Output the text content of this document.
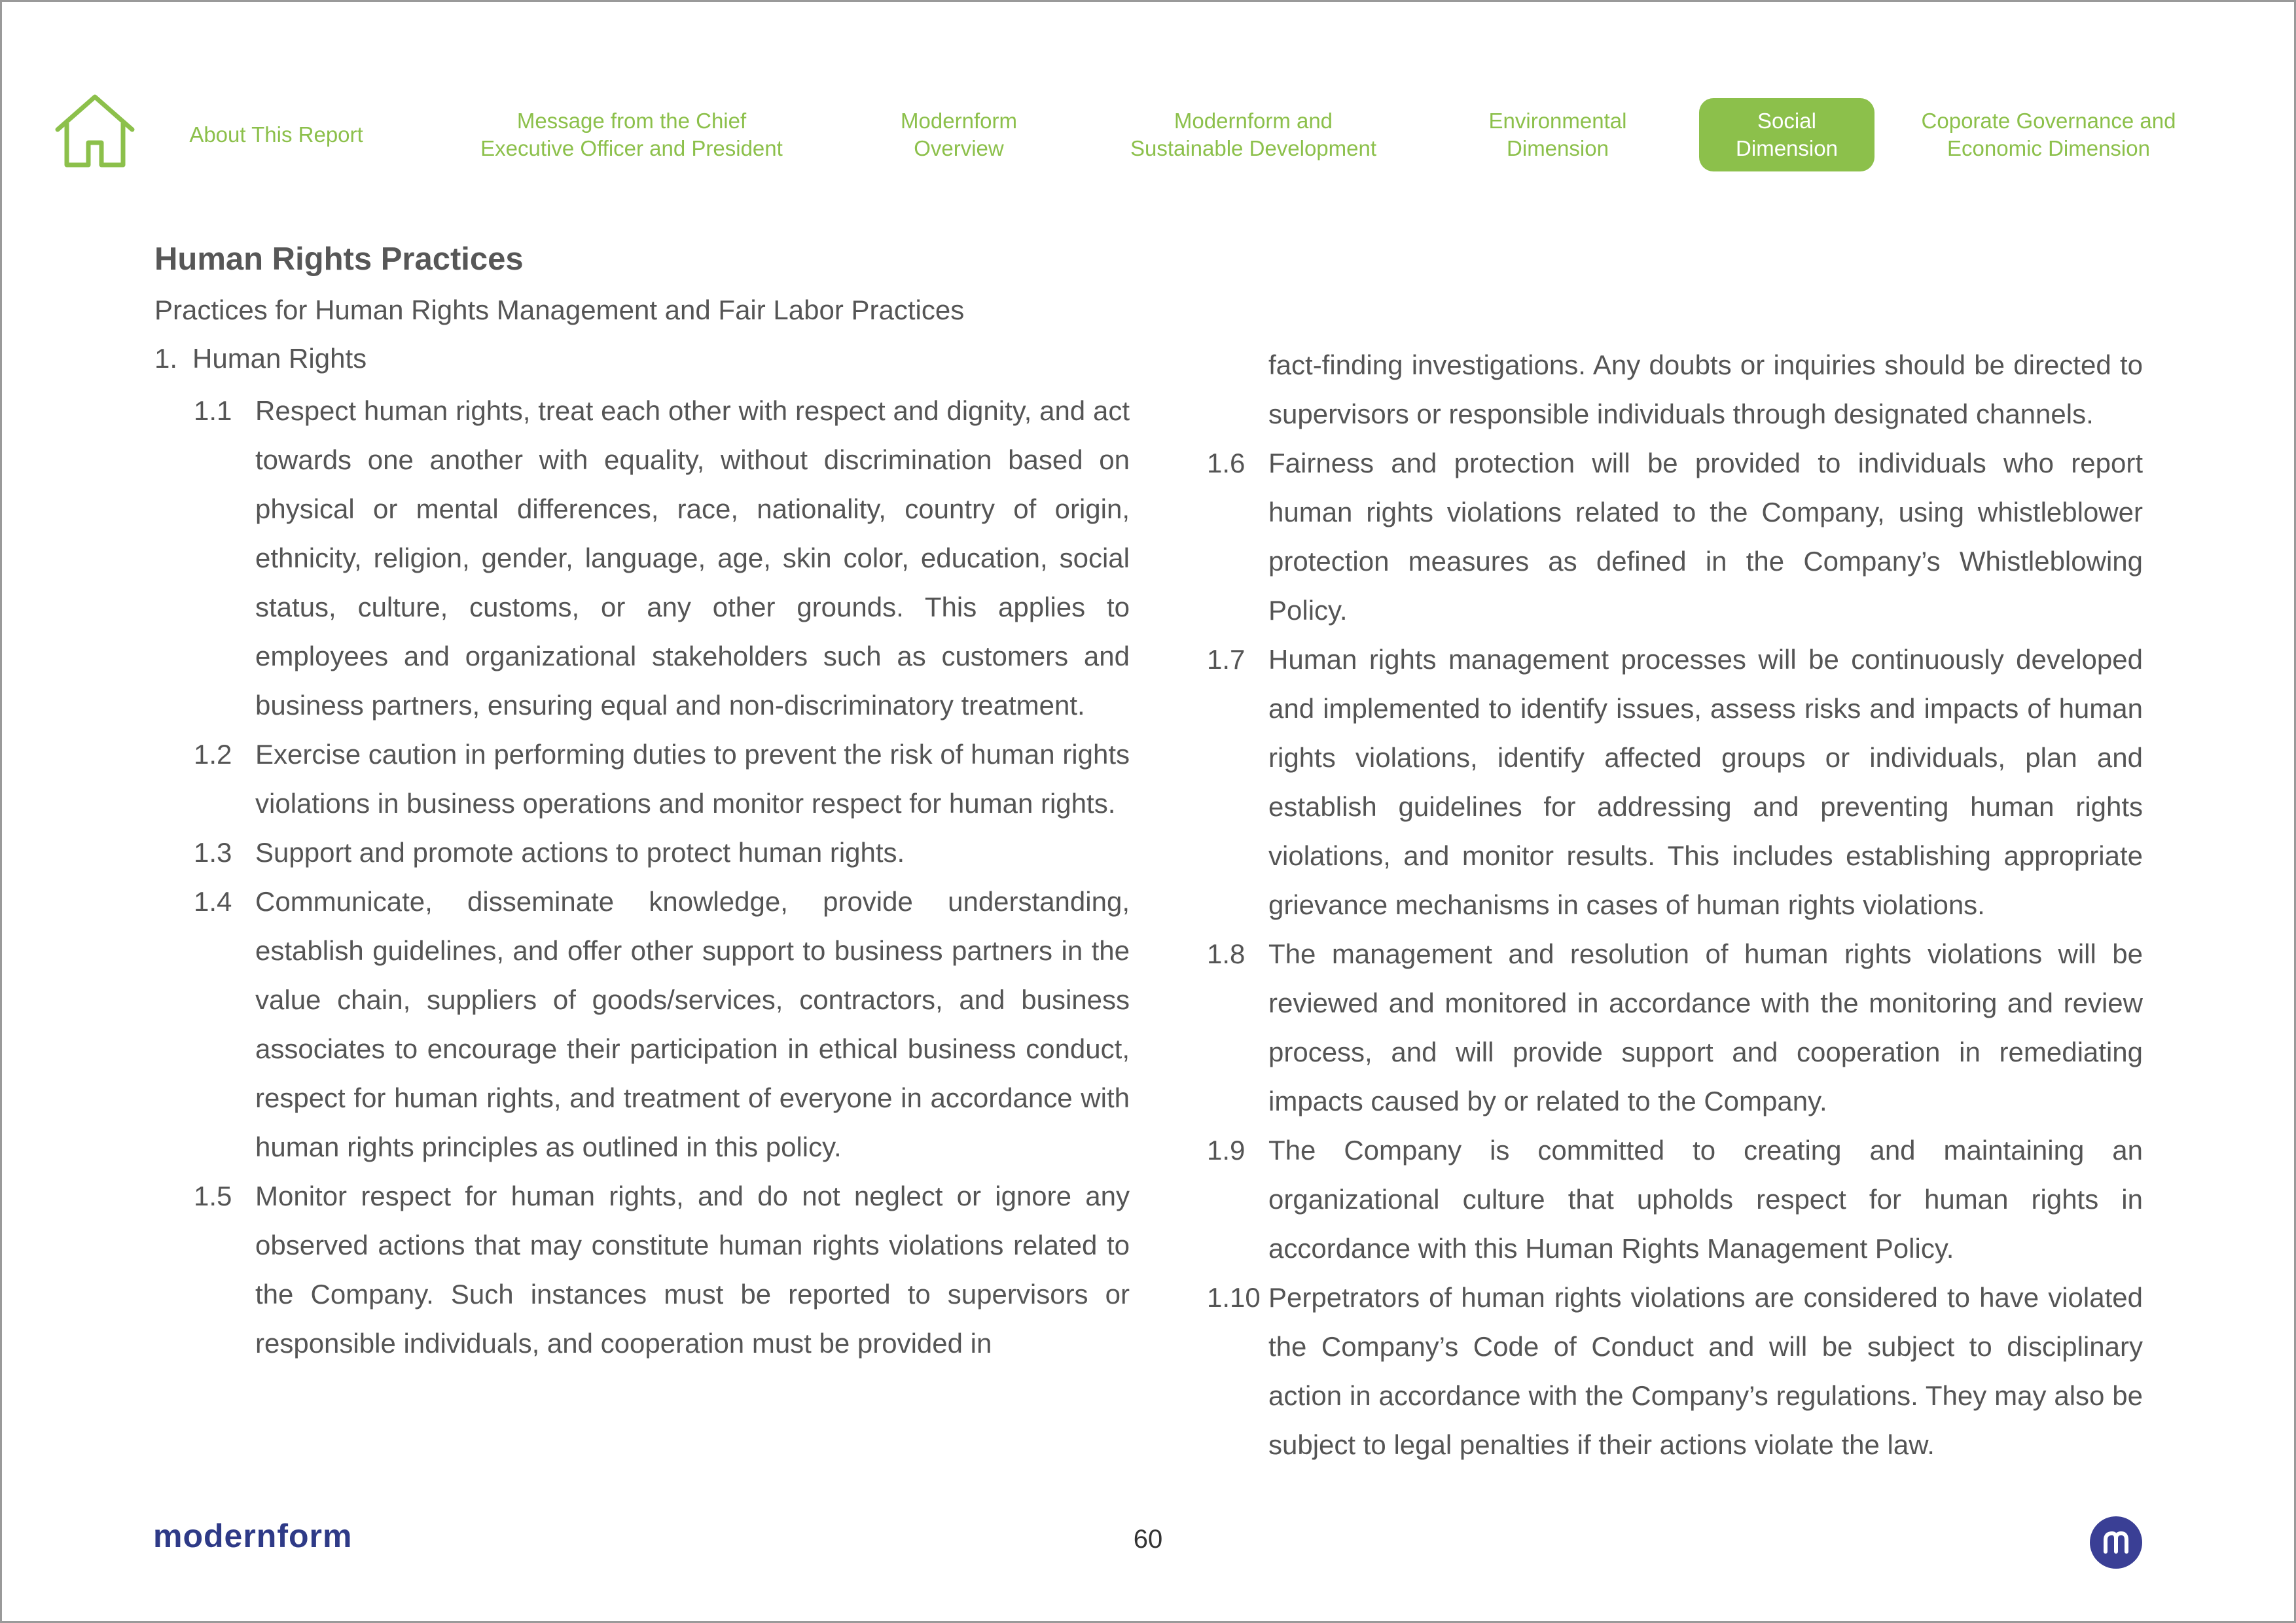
About This Report
Message from the Chief
Executive Officer and President
Modernform
Overview
Modernform and
Sustainable Development
Environmental
Dimension
Social
Dimension
Coporate Governance and
Economic Dimension
Human Rights Practices
Practices for Human Rights Management and Fair Labor Practices
1. Human Rights
1.1 Respect human rights, treat each other with respect and dignity, and act towards one another with equality, without discrimination based on physical or mental differences, race, nationality, country of origin, ethnicity, religion, gender, language, age, skin color, education, social status, culture, customs, or any other grounds. This applies to employees and organizational stakeholders such as customers and business partners, ensuring equal and non-discriminatory treatment.
1.2 Exercise caution in performing duties to prevent the risk of human rights violations in business operations and monitor respect for human rights.
1.3 Support and promote actions to protect human rights.
1.4 Communicate, disseminate knowledge, provide understanding, establish guidelines, and offer other support to business partners in the value chain, suppliers of goods/services, contractors, and business associates to encourage their participation in ethical business conduct, respect for human rights, and treatment of everyone in accordance with human rights principles as outlined in this policy.
1.5 Monitor respect for human rights, and do not neglect or ignore any observed actions that may constitute human rights violations related to the Company. Such instances must be reported to supervisors or responsible individuals, and cooperation must be provided in
fact-finding investigations. Any doubts or inquiries should be directed to supervisors or responsible individuals through designated channels.
1.6 Fairness and protection will be provided to individuals who report human rights violations related to the Company, using whistleblower protection measures as defined in the Company’s Whistleblowing Policy.
1.7 Human rights management processes will be continuously developed and implemented to identify issues, assess risks and impacts of human rights violations, identify affected groups or individuals, plan and establish guidelines for addressing and preventing human rights violations, and monitor results. This includes establishing appropriate grievance mechanisms in cases of human rights violations.
1.8 The management and resolution of human rights violations will be reviewed and monitored in accordance with the monitoring and review process, and will provide support and cooperation in remediating impacts caused by or related to the Company.
1.9 The Company is committed to creating and maintaining an organizational culture that upholds respect for human rights in accordance with this Human Rights Management Policy.
1.10 Perpetrators of human rights violations are considered to have violated the Company’s Code of Conduct and will be subject to disciplinary action in accordance with the Company’s regulations. They may also be subject to legal penalties if their actions violate the law.
modernform	60
